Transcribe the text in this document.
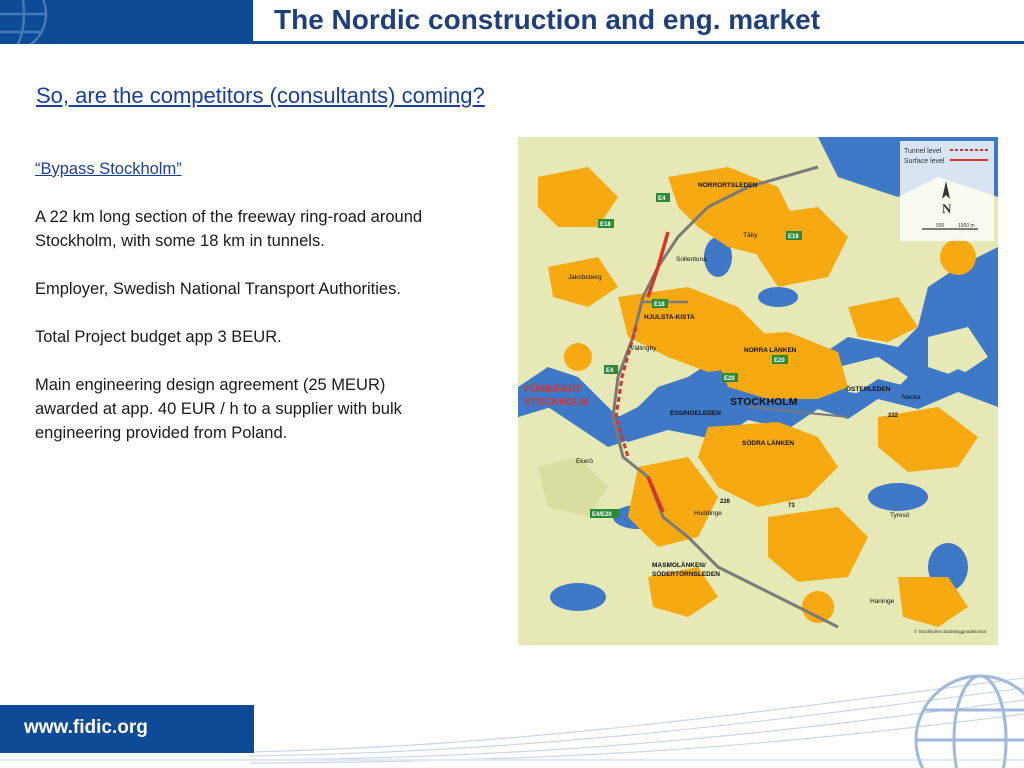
The Nordic construction and eng. market
So, are the competitors (consultants) coming?

“Bypass Stockholm”

A 22 km long section of the freeway ring-road around Stockholm, with some 18 km in tunnels.

Employer, Swedish National Transport Authorities.

Total Project budget app 3 BEUR.

Main engineering design agreement (25 MEUR) awarded at app. 40 EUR / h to a supplier with bulk engineering provided from Poland.

Tunnel level
Surface level
N
500	1000 m
FÖRBIFART
STOCKHOLM	STOCKHOLM
NORRORTSLEDEN
Sollentuna
Täby
Jakobsberg
HJULSTA-KISTA
Vällingby	NORRA LÄNKEN
ÖSTERLEDEN
Nacka
ESSINGELEDEN
SÖDRA LÄNKEN
Ekerö
Huddinge	Tyresö
MASMOLÄNKEN/
SÖDERTÖRNSLEDEN
Haninge
E4
E18
E18
E18
E4
E20
E20
E4/E20
222
226
73
© Stockholms Stadsbyggnadskontor
www.fidic.org
